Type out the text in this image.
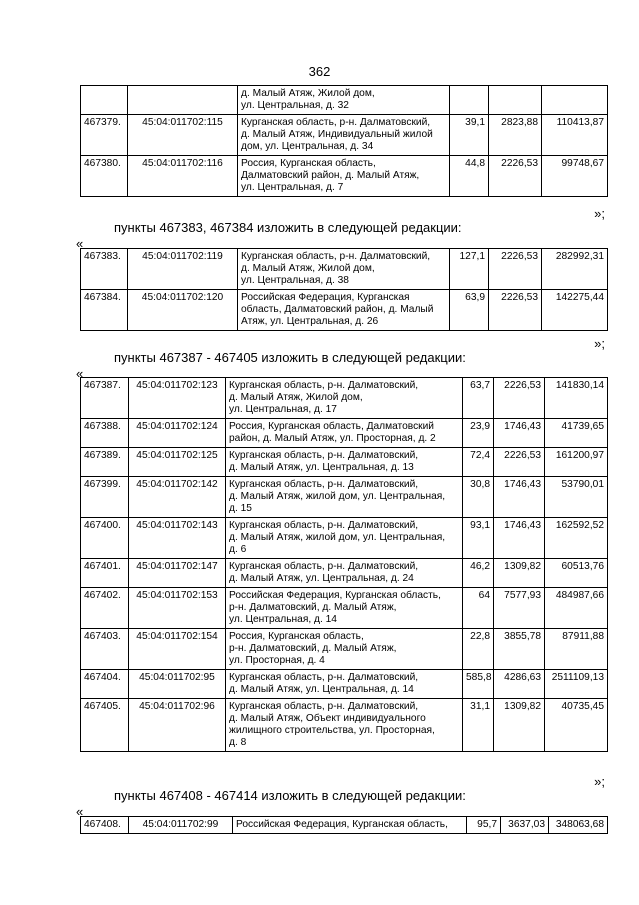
362

		д. Малый Атяж, Жилой дом,
ул. Центральная, д. 32			

467379.	45:04:011702:115	Курганская область, р-н. Далматовский,
д. Малый Атяж, Индивидуальный жилой
дом, ул. Центральная, д. 34	39,1	2823,88	110413,87
467380.	45:04:011702:116	Россия, Курганская область,
Далматовский район, д. Малый Атяж,
ул. Центральная, д. 7	44,8	2226,53	99748,67
»;
пункты 467383, 467384 изложить в следующей редакции:
«
467383.	45:04:011702:119	Курганская область, р-н. Далматовский,
д. Малый Атяж, Жилой дом,
ул. Центральная, д. 38	127,1	2226,53	282992,31
467384.	45:04:011702:120	Российская Федерация, Курганская
область, Далматовский район, д. Малый
Атяж, ул. Центральная, д. 26	63,9	2226,53	142275,44
»;
пункты 467387 - 467405 изложить в следующей редакции:
«
467387.	45:04:011702:123	Курганская область, р-н. Далматовский,
д. Малый Атяж, Жилой дом,
ул. Центральная, д. 17	63,7	2226,53	141830,14
467388.	45:04:011702:124	Россия, Курганская область, Далматовский
район, д. Малый Атяж, ул. Просторная, д. 2	23,9	1746,43	41739,65
467389.	45:04:011702:125	Курганская область, р-н. Далматовский,
д. Малый Атяж, ул. Центральная, д. 13	72,4	2226,53	161200,97
467399.	45:04:011702:142	Курганская область, р-н. Далматовский,
д. Малый Атяж, жилой дом, ул. Центральная,
д. 15	30,8	1746,43	53790,01
467400.	45:04:011702:143	Курганская область, р-н. Далматовский,
д. Малый Атяж, жилой дом, ул. Центральная,
д. 6	93,1	1746,43	162592,52
467401.	45:04:011702:147	Курганская область, р-н. Далматовский,
д. Малый Атяж, ул. Центральная, д. 24	46,2	1309,82	60513,76
467402.	45:04:011702:153	Российская Федерация, Курганская область,
р-н. Далматовский, д. Малый Атяж,
ул. Центральная, д. 14	64	7577,93	484987,66
467403.	45:04:011702:154	Россия, Курганская область,
р-н. Далматовский, д. Малый Атяж,
ул. Просторная, д. 4	22,8	3855,78	87911,88
467404.	45:04:011702:95	Курганская область, р-н. Далматовский,
д. Малый Атяж, ул. Центральная, д. 14	585,8	4286,63	2511109,13
467405.	45:04:011702:96	Курганская область, р-н. Далматовский,
д. Малый Атяж, Объект индивидуального
жилищного строительства, ул. Просторная,
д. 8	31,1	1309,82	40735,45
»;
пункты 467408 - 467414 изложить в следующей редакции:
«
467408.	45:04:011702:99	Российская Федерация, Курганская область,	95,7	3637,03	348063,68
